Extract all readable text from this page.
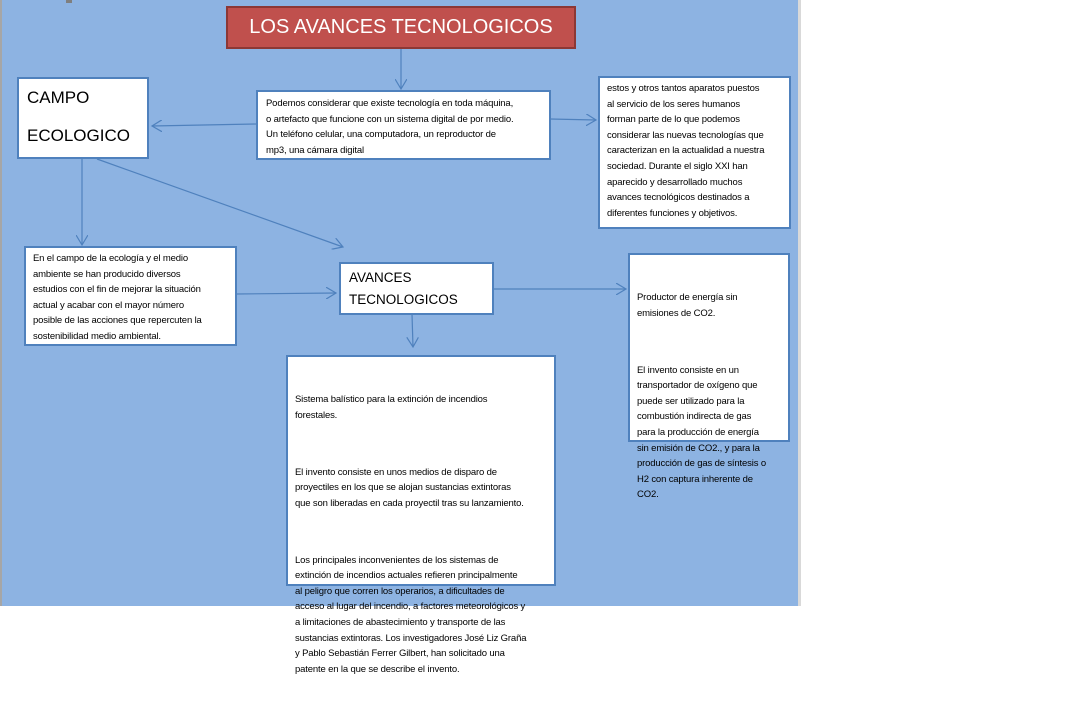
LOS AVANCES TECNOLOGICOS
CAMPO
ECOLOGICO
Podemos considerar que existe tecnología en toda máquina,
o artefacto que funcione con un sistema digital de por medio.
Un teléfono celular, una computadora, un reproductor de
mp3, una cámara digital
estos y otros tantos aparatos puestos
al servicio de los seres humanos
forman parte de lo que podemos
considerar las nuevas tecnologías que
caracterizan en la actualidad a nuestra
sociedad. Durante el siglo XXI han
aparecido y desarrollado muchos
avances tecnológicos destinados a
diferentes funciones y objetivos.
En el campo de la ecología y el medio
ambiente se han producido diversos
estudios con el fin de mejorar la situación
actual y acabar con el mayor número
posible de las acciones que repercuten la
sostenibilidad medio ambiental.
AVANCES
TECNOLOGICOS

	Productor de energía sin
emisiones de CO2.

El invento consiste en un
transportador de oxígeno que
puede ser utilizado para la
combustión indirecta de gas
para la producción de energía
sin emisión de CO2., y para la
producción de gas de síntesis o
H2 con captura inherente de
CO2.

Sistema balístico para la extinción de incendios
forestales.

El invento consiste en unos medios de disparo de
proyectiles en los que se alojan sustancias extintoras
que son liberadas en cada proyectil tras su lanzamiento.

Los principales inconvenientes de los sistemas de
extinción de incendios actuales refieren principalmente
al peligro que corren los operarios, a dificultades de
acceso al lugar del incendio, a factores meteorológicos y
a limitaciones de abastecimiento y transporte de las
sustancias extintoras. Los investigadores José Liz Graña
y Pablo Sebastián Ferrer Gilbert, han solicitado una
patente en la que se describe el invento.
